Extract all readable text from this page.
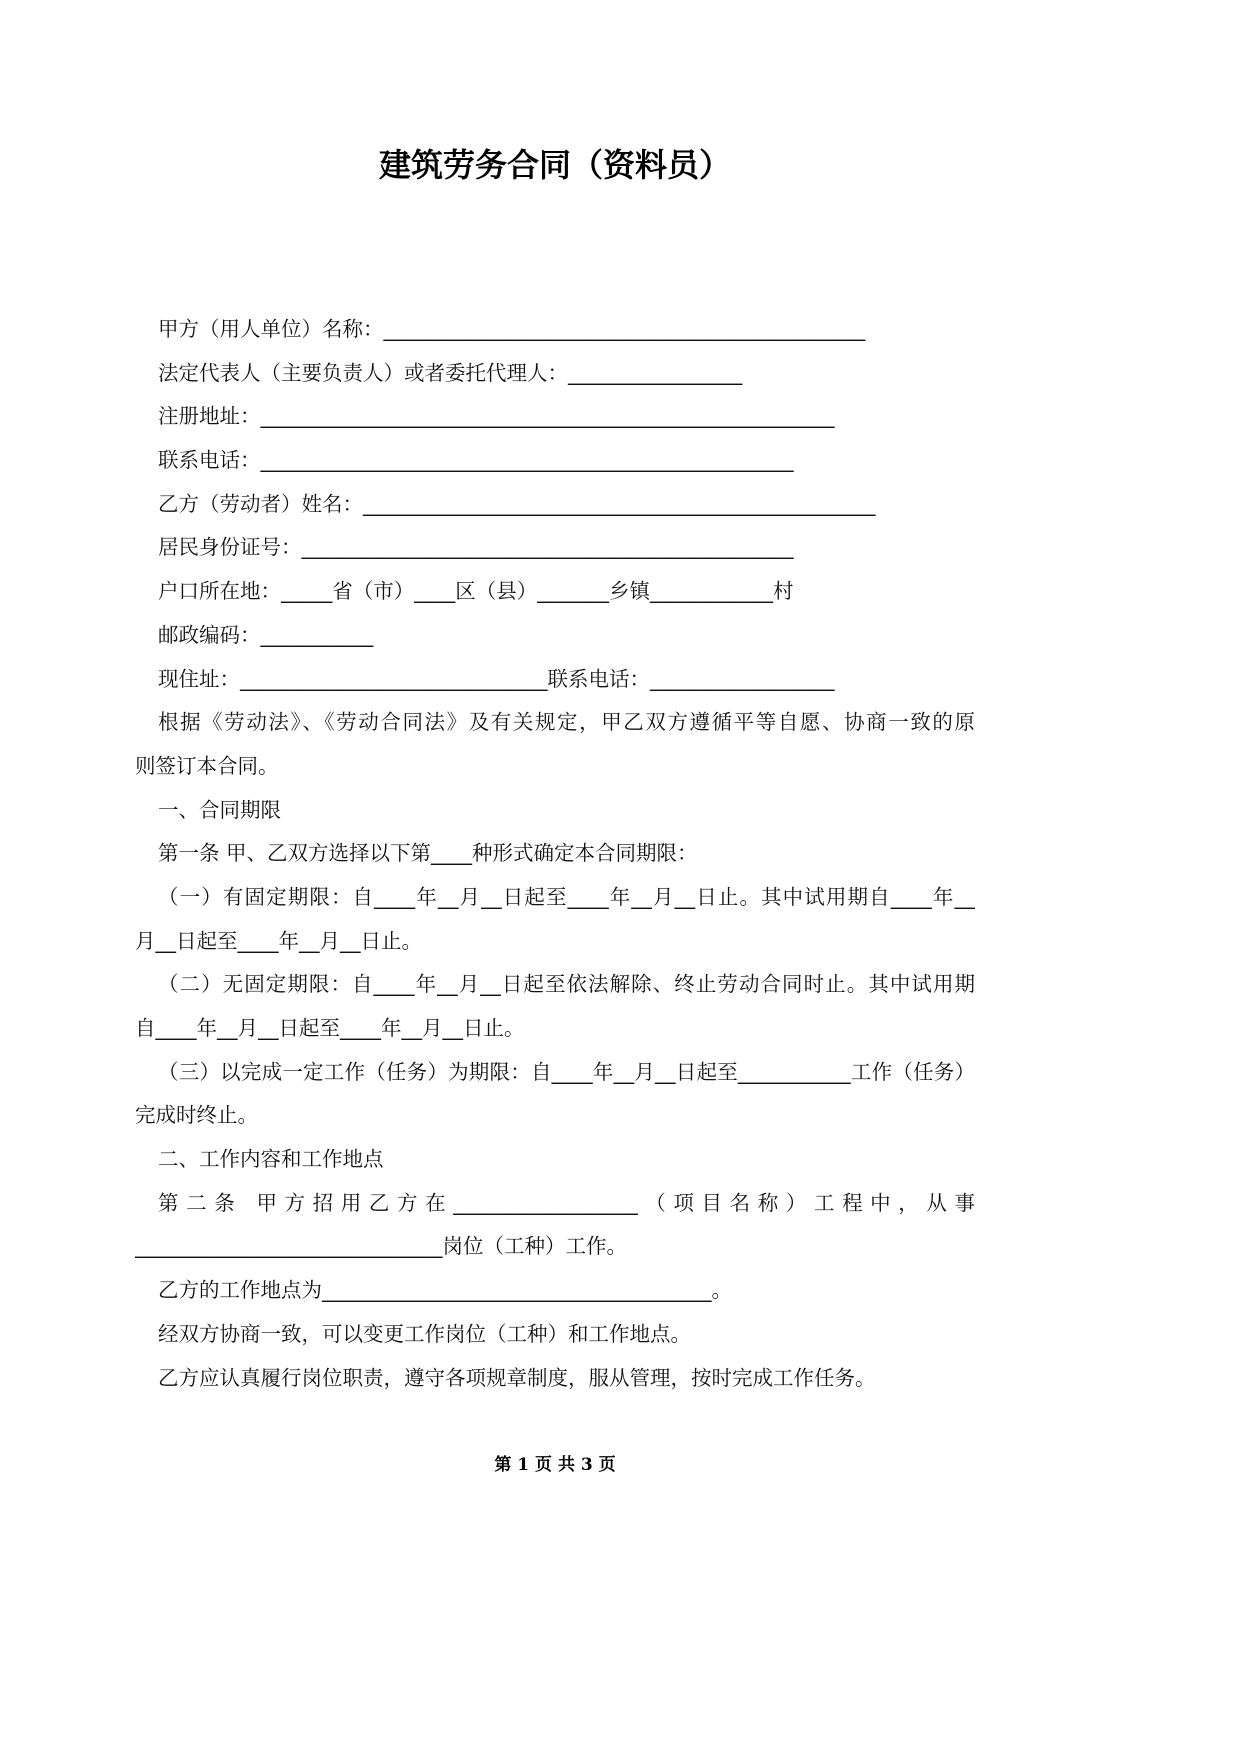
建筑劳务合同（资料员）
甲方（用人单位）名称：_______________________________________________
法定代表人（主要负责人）或者委托代理人：_________________
注册地址：________________________________________________________
联系电话：____________________________________________________
乙方（劳动者）姓名：__________________________________________________
居民身份证号：________________________________________________
户口所在地：_____省（市）____区（县）_______乡镇____________村
邮政编码：___________
现住址：______________________________联系电话：__________________
根据《劳动法》、《劳动合同法》及有关规定，甲乙双方遵循平等自愿、协商一致的原
则签订本合同。
一、合同期限
第一条 甲、乙双方选择以下第____种形式确定本合同期限：
（一）有固定期限：自____年__月__日起至____年__月__日止。其中试用期自____年__
月__日起至____年__月__日止。
（二）无固定期限：自____年__月__日起至依法解除、终止劳动合同时止。其中试用期
自____年__月__日起至____年__月__日止。
（三）以完成一定工作（任务）为期限：自____年__月__日起至___________工作（任务）
完成时终止。
二、工作内容和工作地点
第二条 甲方招用乙方在__________________（项目名称）工程中，从事
______________________________岗位（工种）工作。
乙方的工作地点为______________________________________。
经双方协商一致，可以变更工作岗位（工种）和工作地点。
乙方应认真履行岗位职责，遵守各项规章制度，服从管理，按时完成工作任务。
第 1 页 共 3 页
